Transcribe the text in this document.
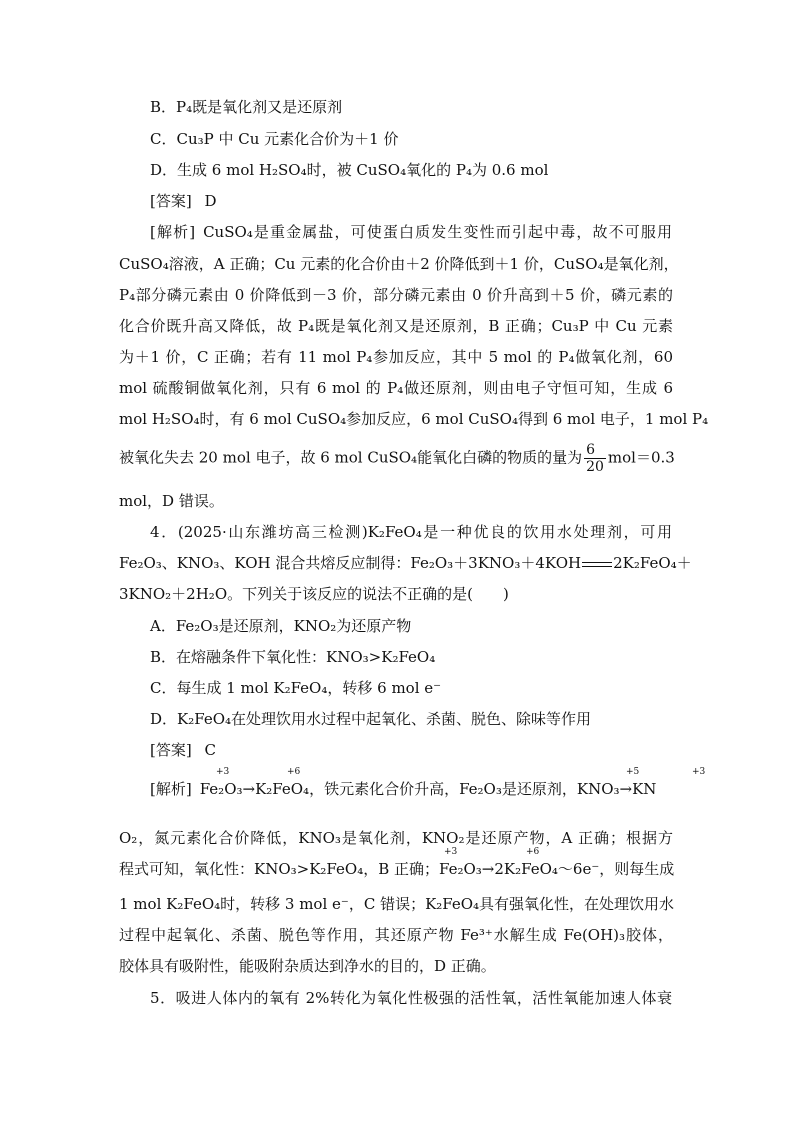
B．P₄既是氧化剂又是还原剂
C．Cu₃P 中 Cu 元素化合价为＋1 价
D．生成 6 mol H₂SO₄时，被 CuSO₄氧化的 P₄为 0.6 mol
[答案] D
[解析] CuSO₄是重金属盐，可使蛋白质发生变性而引起中毒，故不可服用
CuSO₄溶液，A 正确；Cu 元素的化合价由＋2 价降低到＋1 价，CuSO₄是氧化剂，
P₄部分磷元素由 0 价降低到－3 价，部分磷元素由 0 价升高到＋5 价，磷元素的
化合价既升高又降低，故 P₄既是氧化剂又是还原剂，B 正确；Cu₃P 中 Cu 元素
为＋1 价，C 正确；若有 11 mol P₄参加反应，其中 5 mol 的 P₄做氧化剂，60
mol 硫酸铜做氧化剂，只有 6 mol 的 P₄做还原剂，则由电子守恒可知，生成 6
mol H₂SO₄时，有 6 mol CuSO₄参加反应，6 mol CuSO₄得到 6 mol 电子，1 mol P₄
被氧化失去 20 mol 电子，故 6 mol CuSO₄能氧化白磷的物质的量为 $\frac{6}{20} mol=0.3$
mol，D 错误。
4．(2025·山东潍坊高三检测)K₂FeO₄是一种优良的饮用水处理剂，可用
Fe₂O₃、KNO₃、KOH 混合共熔反应制得：Fe₂O₃＋3KNO₃＋4KOH 2K₂FeO₄＋
3KNO₂＋2H₂O。下列关于该反应的说法不正确的是(　　)
A．Fe₂O₃是还原剂，KNO₂为还原产物
B．在熔融条件下氧化性：KNO₃>K₂FeO₄
C．每生成 1 mol K₂FeO₄，转移 6 mol e⁻
D．K₂FeO₄在处理饮用水过程中起氧化、杀菌、脱色、除味等作用
[答案] C
+3	+6	+5	+3
[解析] Fe₂O₃→K₂FeO₄，铁元素化合价升高，Fe₂O₃是还原剂，KNO₃→KN
O₂，氮元素化合价降低，KNO₃是氧化剂，KNO₂是还原产物，A 正确；根据方
+3	+6
程式可知，氧化性：KNO₃>K₂FeO₄，B 正确；Fe₂O₃→2K₂FeO₄～6e⁻，则每生成
1 mol K₂FeO₄时，转移 3 mol e⁻，C 错误；K₂FeO₄具有强氧化性，在处理饮用水
过程中起氧化、杀菌、脱色等作用，其还原产物 Fe³⁺水解生成 Fe(OH)₃胶体，
胶体具有吸附性，能吸附杂质达到净水的目的，D 正确。
5．吸进人体内的氧有 2%转化为氧化性极强的活性氧，活性氧能加速人体衰
